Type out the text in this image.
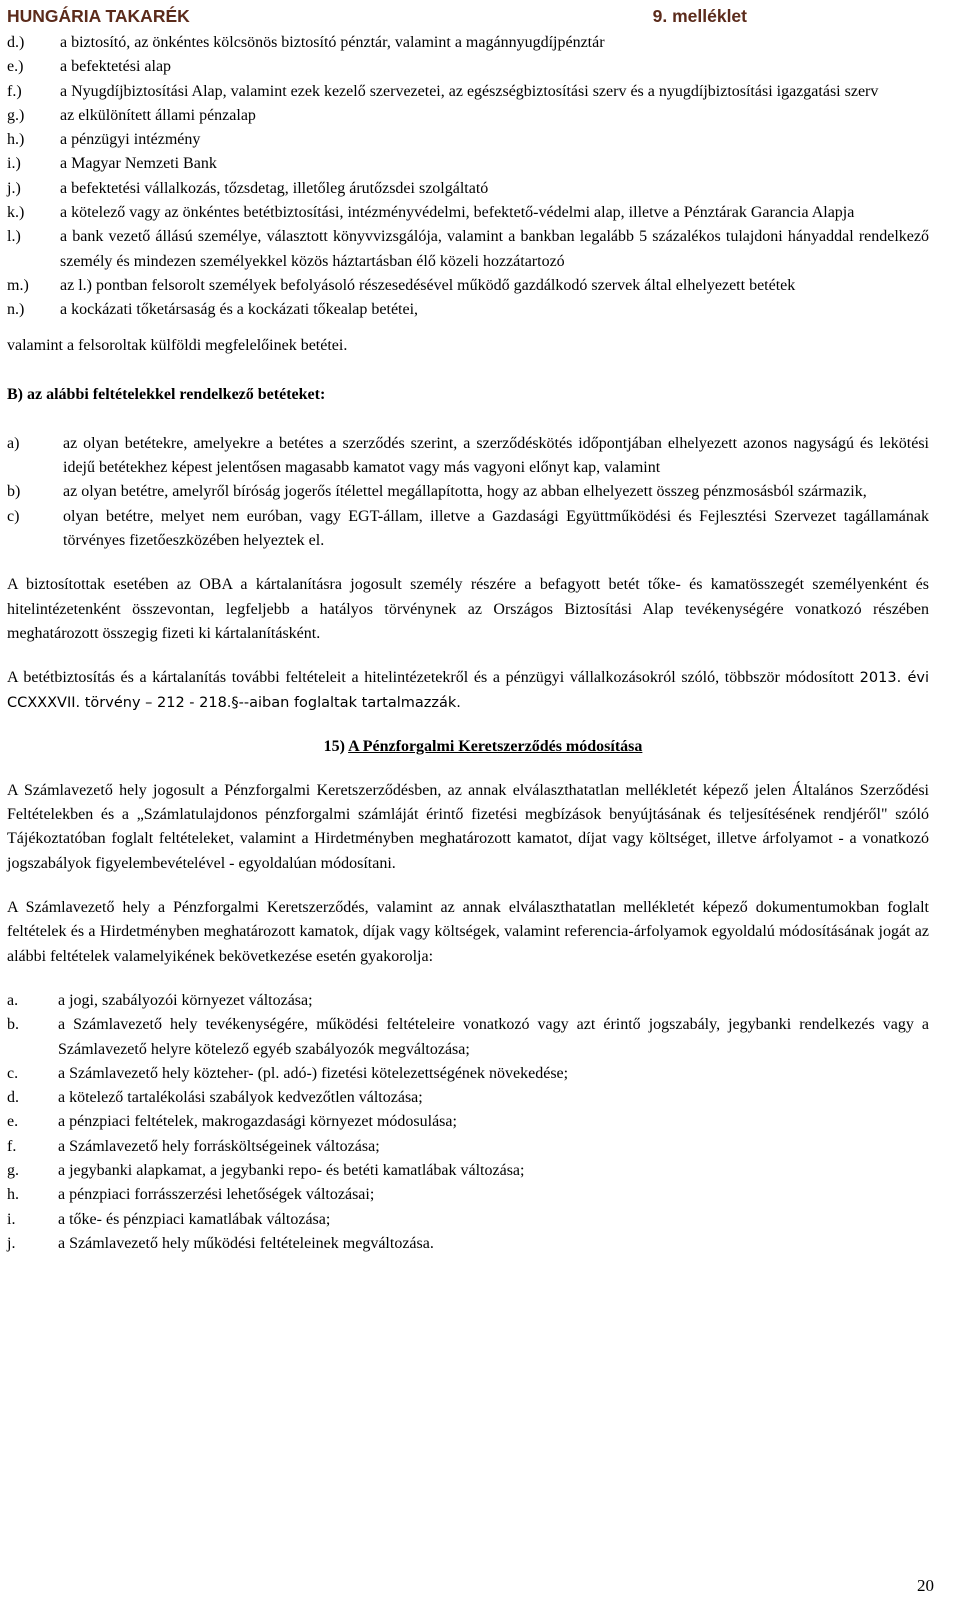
HUNGÁRIA TAKARÉK	9. melléklet
d.)	a biztosító, az önkéntes kölcsönös biztosító pénztár, valamint a magánnyugdíjpénztár
e.)	a befektetési alap
f.)	a Nyugdíjbiztosítási Alap, valamint ezek kezelő szervezetei, az egészségbiztosítási szerv és a nyugdíjbiztosítási igazgatási szerv
g.)	az elkülönített állami pénzalap
h.)	a pénzügyi intézmény
i.)	a Magyar Nemzeti Bank
j.)	a befektetési vállalkozás, tőzsdetag, illetőleg árutőzsdei szolgáltató
k.)	a kötelező vagy az önkéntes betétbiztosítási, intézményvédelmi, befektető-védelmi alap, illetve a Pénztárak Garancia Alapja
l.)	a bank vezető állású személye, választott könyvvizsgálója, valamint a bankban legalább 5 százalékos tulajdoni hányaddal rendelkező személy és mindezen személyekkel közös háztartásban élő közeli hozzátartozó
m.)	az l.) pontban felsorolt személyek befolyásoló részesedésével működő gazdálkodó szervek által elhelyezett betétek
n.)	a kockázati tőketársaság és a kockázati tőkealap betétei,

valamint a felsoroltak külföldi megfelelőinek betétei.

B) az alábbi feltételekkel rendelkező betéteket:
a)	az olyan betétekre, amelyekre a betétes a szerződés szerint, a szerződéskötés időpontjában elhelyezett azonos nagyságú és lekötési idejű betétekhez képest jelentősen magasabb kamatot vagy más vagyoni előnyt kap, valamint
b)	az olyan betétre, amelyről bíróság jogerős ítélettel megállapította, hogy az abban elhelyezett összeg pénzmosásból származik,
c)	olyan betétre, melyet nem euróban, vagy EGT-állam, illetve a Gazdasági Együttműködési és Fejlesztési Szervezet tagállamának törvényes fizetőeszközében helyeztek el.

A biztosítottak esetében az OBA a kártalanításra jogosult személy részére a befagyott betét tőke- és kamatösszegét személyenként és hitelintézetenként összevontan, legfeljebb a hatályos törvénynek az Országos Biztosítási Alap tevékenységére vonatkozó részében meghatározott összegig fizeti ki kártalanításként.

A betétbiztosítás és a kártalanítás további feltételeit a hitelintézetekről és a pénzügyi vállalkozásokról szóló, többször módosított 2013. évi CCXXXVII. törvény – 212 - 218.§--aiban foglaltak tartalmazzák.

15) A Pénzforgalmi Keretszerződés módosítása

A Számlavezető hely jogosult a Pénzforgalmi Keretszerződésben, az annak elválaszthatatlan mellékletét képező jelen Általános Szerződési Feltételekben és a „Számlatulajdonos pénzforgalmi számláját érintő fizetési megbízások benyújtásának és teljesítésének rendjéről" szóló Tájékoztatóban foglalt feltételeket, valamint a Hirdetményben meghatározott kamatot, díjat vagy költséget, illetve árfolyamot - a vonatkozó jogszabályok figyelembevételével - egyoldalúan módosítani.

A Számlavezető hely a Pénzforgalmi Keretszerződés, valamint az annak elválaszthatatlan mellékletét képező dokumentumokban foglalt feltételek és a Hirdetményben meghatározott kamatok, díjak vagy költségek, valamint referencia-árfolyamok egyoldalú módosításának jogát az alábbi feltételek valamelyikének bekövetkezése esetén gyakorolja:

a.	a jogi, szabályozói környezet változása;
b.	a Számlavezető hely tevékenységére, működési feltételeire vonatkozó vagy azt érintő jogszabály, jegybanki rendelkezés vagy a Számlavezető helyre kötelező egyéb szabályozók megváltozása;
c.	a Számlavezető hely közteher- (pl. adó-) fizetési kötelezettségének növekedése;
d.	a kötelező tartalékolási szabályok kedvezőtlen változása;
e.	a pénzpiaci feltételek, makrogazdasági környezet módosulása;
f.	a Számlavezető hely forrásköltségeinek változása;
g.	a jegybanki alapkamat, a jegybanki repo- és betéti kamatlábak változása;
h.	a pénzpiaci forrásszerzési lehetőségek változásai;
i.	a tőke- és pénzpiaci kamatlábak változása;
j.	a Számlavezető hely működési feltételeinek megváltozása.
20
